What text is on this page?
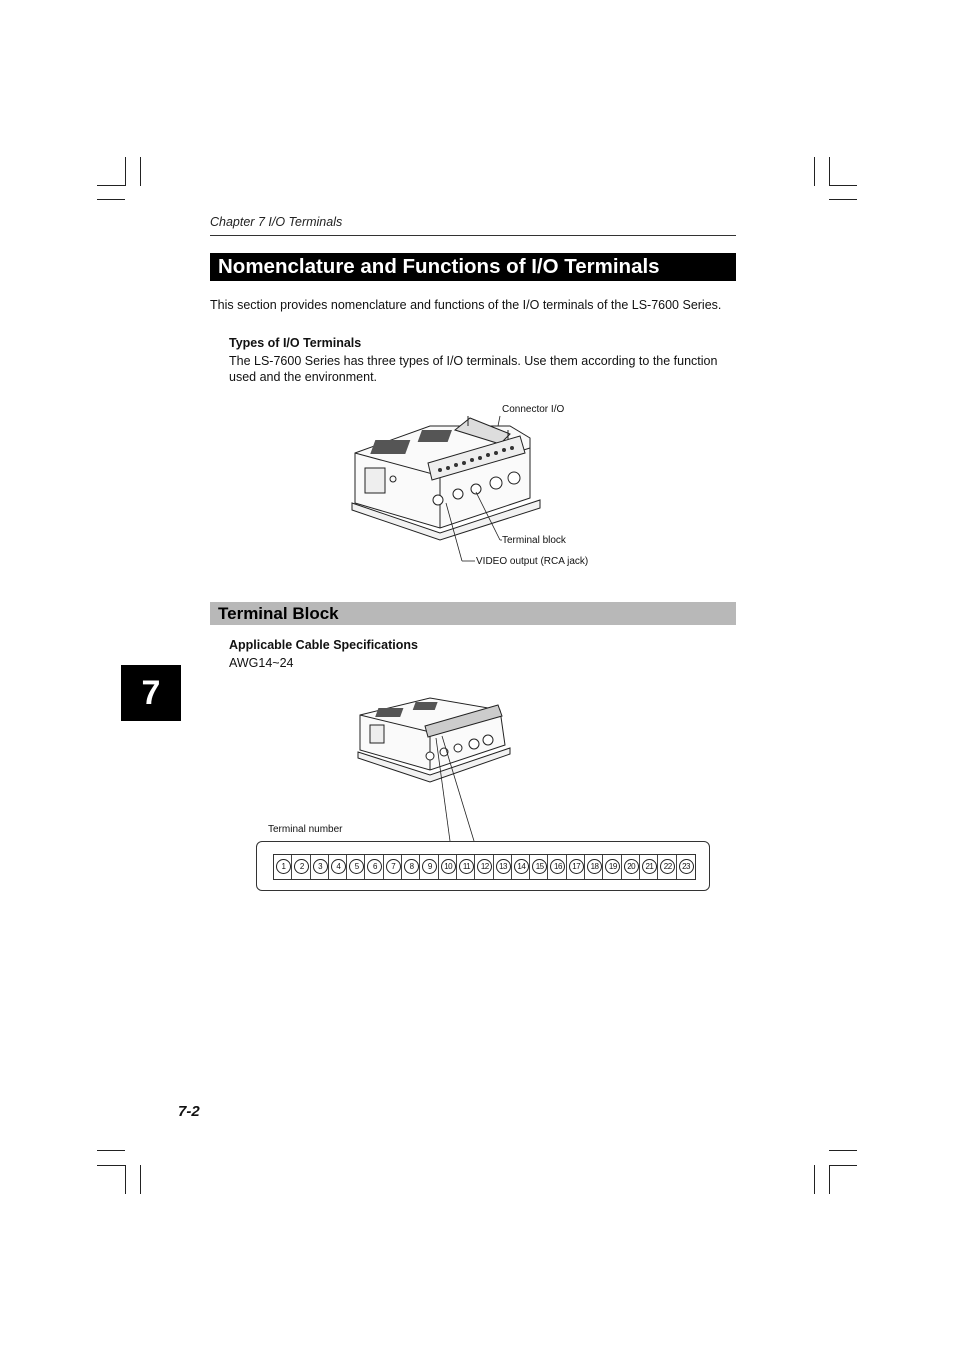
Chapter 7 I/O Terminals
Nomenclature and Functions of I/O Terminals
This section provides nomenclature and functions of the I/O terminals of the LS-7600 Series.
Types of I/O Terminals
The LS-7600 Series has three types of I/O terminals. Use them according to the function used and the environment.
Connector I/O
Terminal block
VIDEO output (RCA jack)
Terminal Block
Applicable Cable Specifications
AWG14~24
7
Terminal number
1	2	3	4	5	6	7	8	9	10	11	12	13	14	15	16	17	18	19	20	21	22	23
7-2
